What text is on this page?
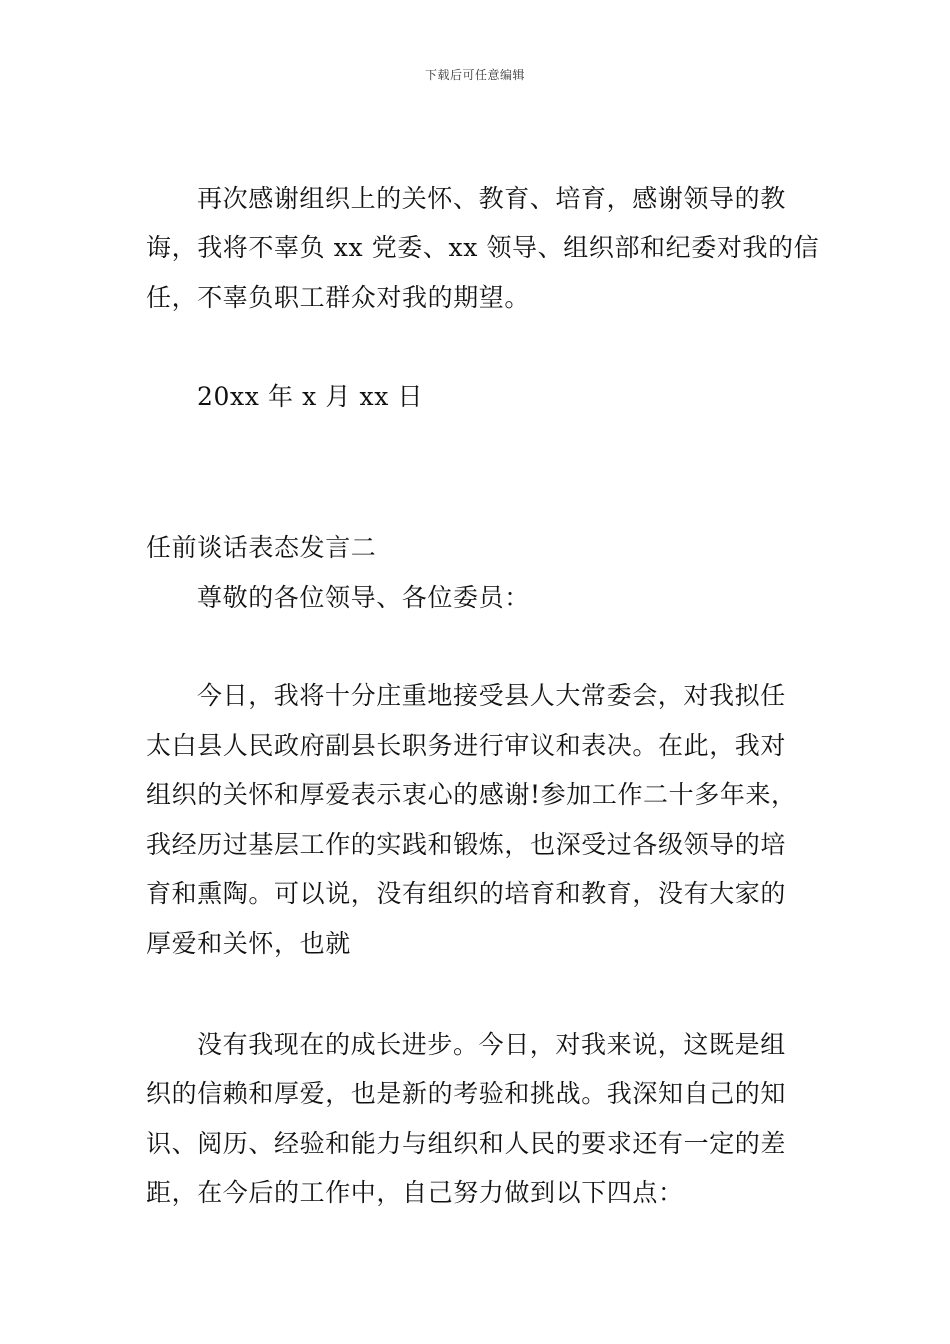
下载后可任意编辑
再次感谢组织上的关怀、教育、培育，感谢领导的教
诲，我将不辜负 xx 党委、xx 领导、组织部和纪委对我的信
任，不辜负职工群众对我的期望。
20xx 年 x 月 xx 日
任前谈话表态发言二
尊敬的各位领导、各位委员：
今日，我将十分庄重地接受县人大常委会，对我拟任
太白县人民政府副县长职务进行审议和表决。在此，我对
组织的关怀和厚爱表示衷心的感谢!参加工作二十多年来，
我经历过基层工作的实践和锻炼，也深受过各级领导的培
育和熏陶。可以说，没有组织的培育和教育，没有大家的
厚爱和关怀，也就
没有我现在的成长进步。今日，对我来说，这既是组
织的信赖和厚爱，也是新的考验和挑战。我深知自己的知
识、阅历、经验和能力与组织和人民的要求还有一定的差
距，在今后的工作中，自己努力做到以下四点：
